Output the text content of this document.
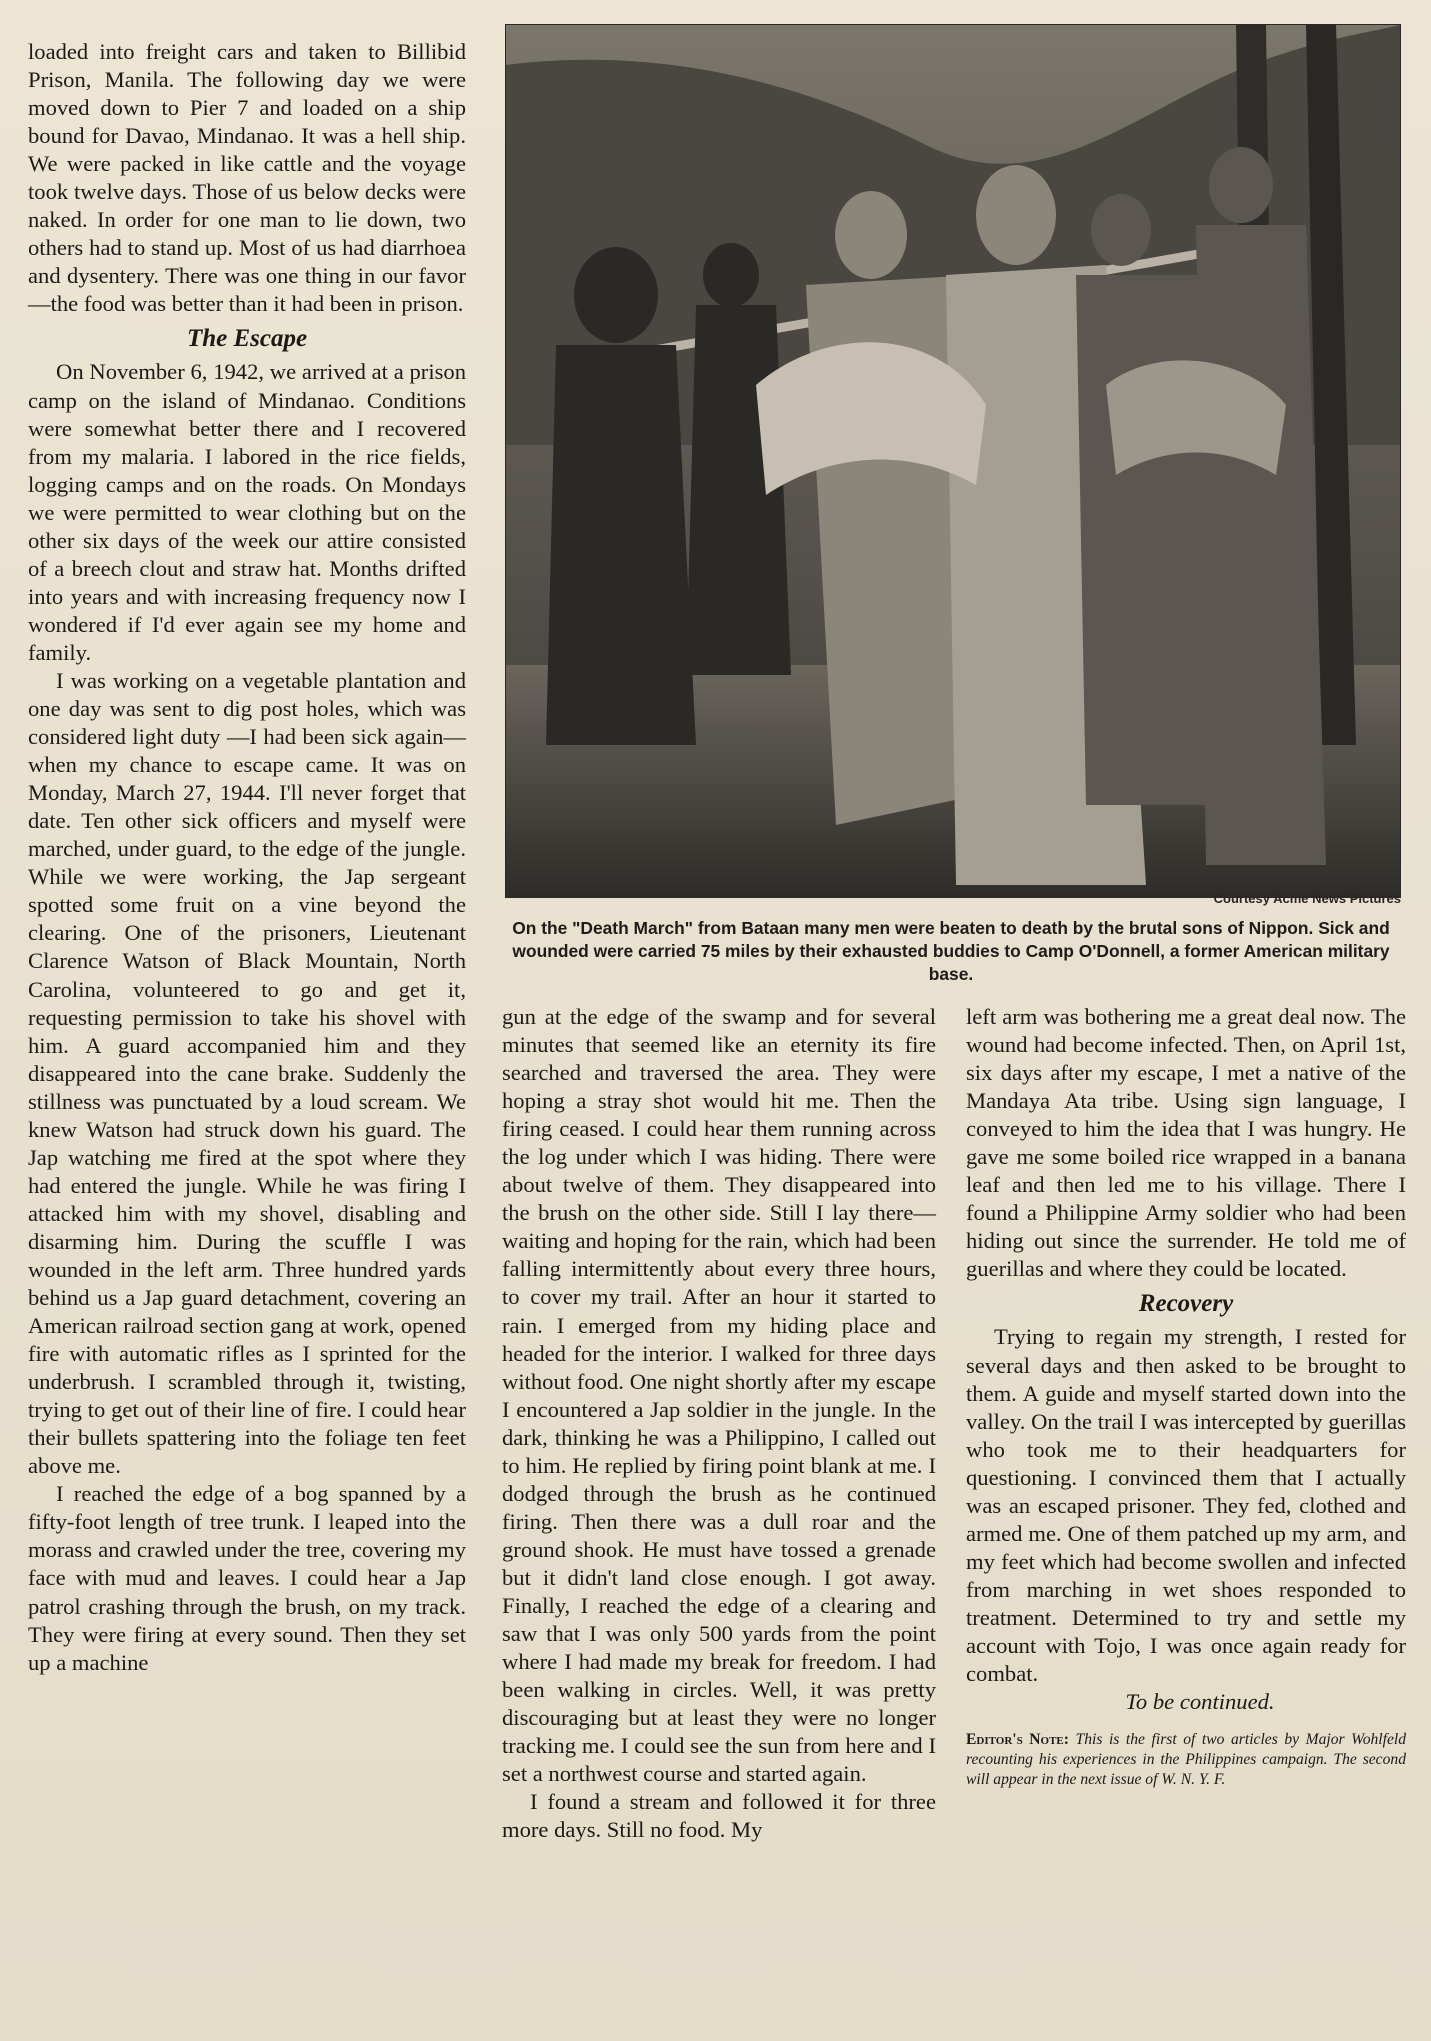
loaded into freight cars and taken to Billibid Prison, Manila. The following day we were moved down to Pier 7 and loaded on a ship bound for Davao, Mindanao. It was a hell ship. We were packed in like cattle and the voyage took twelve days. Those of us below decks were naked. In order for one man to lie down, two others had to stand up. Most of us had diarrhoea and dysentery. There was one thing in our favor—the food was better than it had been in prison.

The Escape

On November 6, 1942, we arrived at a prison camp on the island of Mindanao. Conditions were somewhat better there and I recovered from my malaria. I labored in the rice fields, logging camps and on the roads. On Mondays we were permitted to wear clothing but on the other six days of the week our attire consisted of a breech clout and straw hat. Months drifted into years and with increasing frequency now I wondered if I'd ever again see my home and family.

I was working on a vegetable plantation and one day was sent to dig post holes, which was considered light duty —I had been sick again—when my chance to escape came. It was on Monday, March 27, 1944. I'll never forget that date. Ten other sick officers and myself were marched, under guard, to the edge of the jungle. While we were working, the Jap sergeant spotted some fruit on a vine beyond the clearing. One of the prisoners, Lieutenant Clarence Watson of Black Mountain, North Carolina, volunteered to go and get it, requesting permission to take his shovel with him. A guard accompanied him and they disappeared into the cane brake. Suddenly the stillness was punctuated by a loud scream. We knew Watson had struck down his guard. The Jap watching me fired at the spot where they had entered the jungle. While he was firing I attacked him with my shovel, disabling and disarming him. During the scuffle I was wounded in the left arm. Three hundred yards behind us a Jap guard detachment, covering an American railroad section gang at work, opened fire with automatic rifles as I sprinted for the underbrush. I scrambled through it, twisting, trying to get out of their line of fire. I could hear their bullets spattering into the foliage ten feet above me.

I reached the edge of a bog spanned by a fifty-foot length of tree trunk. I leaped into the morass and crawled under the tree, covering my face with mud and leaves. I could hear a Jap patrol crashing through the brush, on my track. They were firing at every sound. Then they set up a machine

Courtesy Acme News Pictures
On the "Death March" from Bataan many men were beaten to death by the brutal sons of Nippon. Sick and wounded were carried 75 miles by their exhausted buddies to Camp O'Donnell, a former American military base.

gun at the edge of the swamp and for several minutes that seemed like an eternity its fire searched and traversed the area. They were hoping a stray shot would hit me. Then the firing ceased. I could hear them running across the log under which I was hiding. There were about twelve of them. They disappeared into the brush on the other side. Still I lay there—waiting and hoping for the rain, which had been falling intermittently about every three hours, to cover my trail. After an hour it started to rain. I emerged from my hiding place and headed for the interior. I walked for three days without food. One night shortly after my escape I encountered a Jap soldier in the jungle. In the dark, thinking he was a Philippino, I called out to him. He replied by firing point blank at me. I dodged through the brush as he continued firing. Then there was a dull roar and the ground shook. He must have tossed a grenade but it didn't land close enough. I got away. Finally, I reached the edge of a clearing and saw that I was only 500 yards from the point where I had made my break for freedom. I had been walking in circles. Well, it was pretty discouraging but at least they were no longer tracking me. I could see the sun from here and I set a northwest course and started again.

I found a stream and followed it for three more days. Still no food. My

left arm was bothering me a great deal now. The wound had become infected. Then, on April 1st, six days after my escape, I met a native of the Mandaya Ata tribe. Using sign language, I conveyed to him the idea that I was hungry. He gave me some boiled rice wrapped in a banana leaf and then led me to his village. There I found a Philippine Army soldier who had been hiding out since the surrender. He told me of guerillas and where they could be located.

Recovery

Trying to regain my strength, I rested for several days and then asked to be brought to them. A guide and myself started down into the valley. On the trail I was intercepted by guerillas who took me to their headquarters for questioning. I convinced them that I actually was an escaped prisoner. They fed, clothed and armed me. One of them patched up my arm, and my feet which had become swollen and infected from marching in wet shoes responded to treatment. Determined to try and settle my account with Tojo, I was once again ready for combat.

To be continued.

Editor's Note: This is the first of two articles by Major Wohlfeld recounting his experiences in the Philippines campaign. The second will appear in the next issue of W. N. Y. F.
